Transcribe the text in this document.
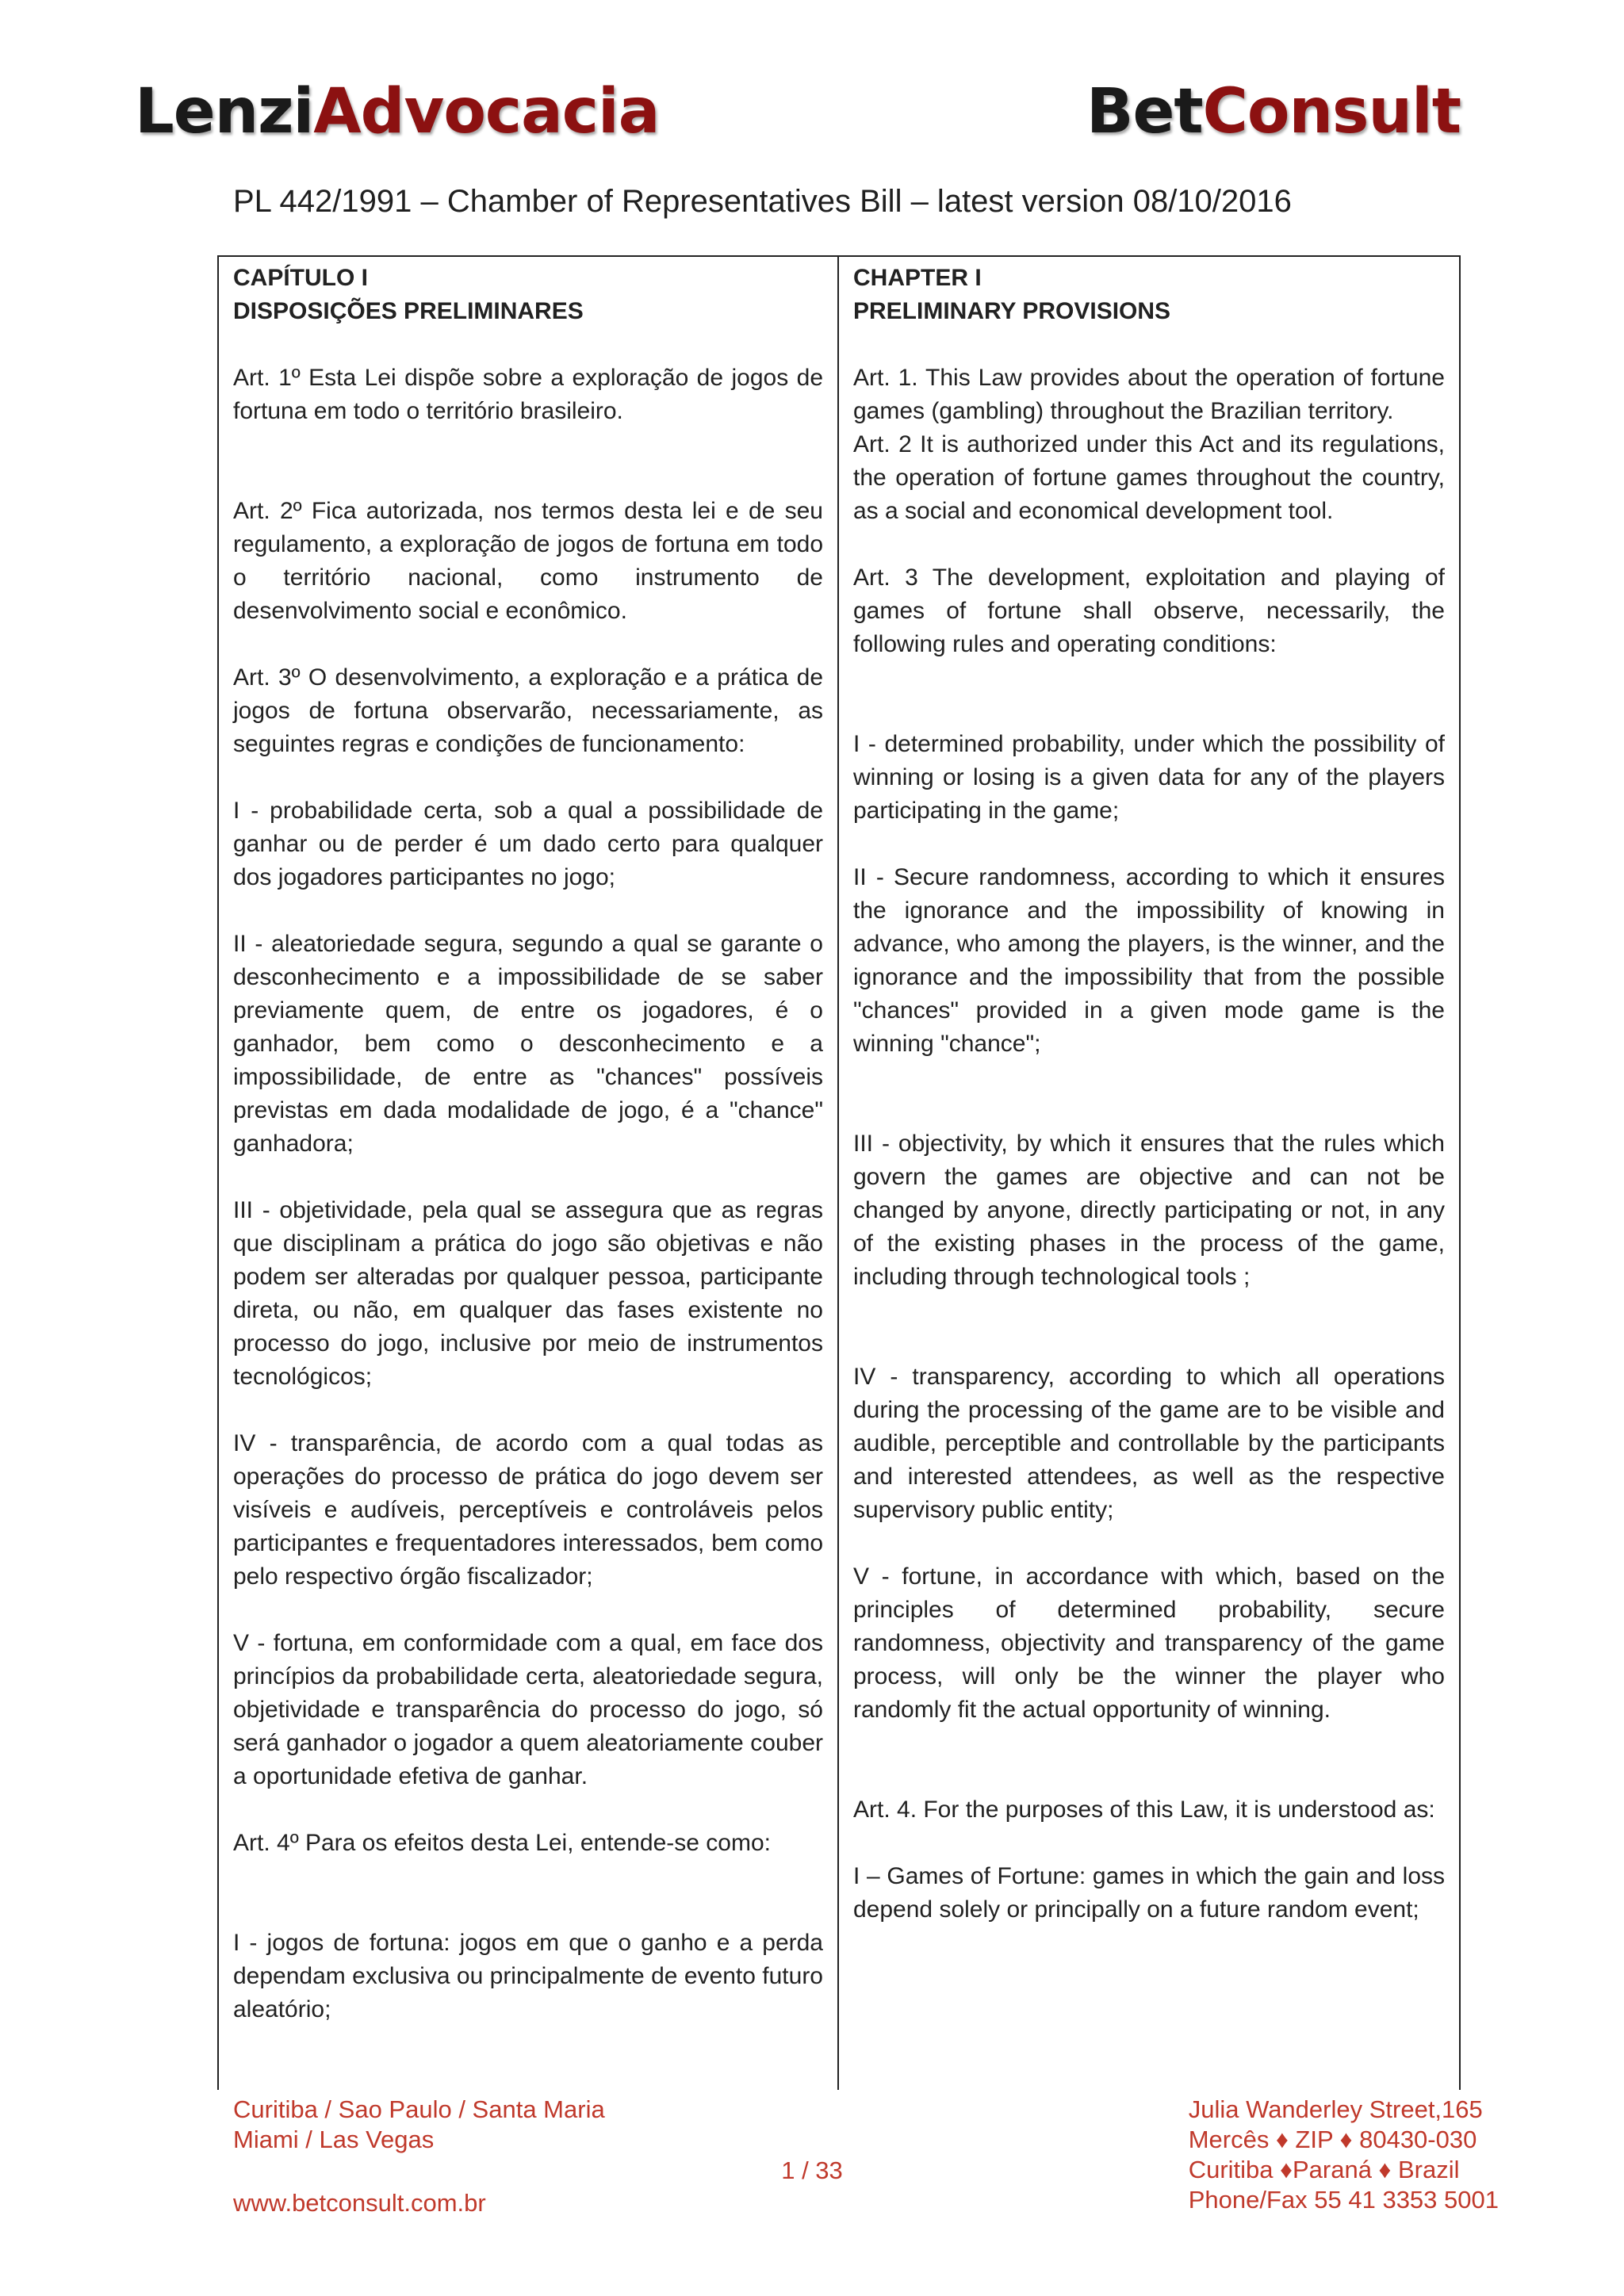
LenziAdvocacia	BetConsult
PL 442/1991 – Chamber of Representatives Bill – latest version 08/10/2016

CAPÍTULO I

DISPOSIÇÕES PRELIMINARES

Art. 1º Esta Lei dispõe sobre a exploração de jogos de fortuna em todo o território brasileiro.

Art. 2º Fica autorizada, nos termos desta lei e de seu regulamento, a exploração de jogos de fortuna em todo o território nacional, como instrumento de desenvolvimento social e econômico.

Art. 3º O desenvolvimento, a exploração e a prática de jogos de fortuna observarão, necessariamente, as seguintes regras e condições de funcionamento:

I - probabilidade certa, sob a qual a possibilidade de ganhar ou de perder é um dado certo para qualquer dos jogadores participantes no jogo;

II - aleatoriedade segura, segundo a qual se garante o desconhecimento e a impossibilidade de se saber previamente quem, de entre os jogadores, é o ganhador, bem como o desconhecimento e a impossibilidade, de entre as "chances" possíveis previstas em dada modalidade de jogo, é a "chance" ganhadora;

III - objetividade, pela qual se assegura que as regras que disciplinam a prática do jogo são objetivas e não podem ser alteradas por qualquer pessoa, participante direta, ou não, em qualquer das fases existente no processo do jogo, inclusive por meio de instrumentos tecnológicos;

IV - transparência, de acordo com a qual todas as operações do processo de prática do jogo devem ser visíveis e audíveis, perceptíveis e controláveis pelos participantes e frequentadores interessados, bem como pelo respectivo órgão fiscalizador;

V - fortuna, em conformidade com a qual, em face dos princípios da probabilidade certa, aleatoriedade segura, objetividade e transparência do processo do jogo, só será ganhador o jogador a quem aleatoriamente couber a oportunidade efetiva de ganhar.

Art. 4º Para os efeitos desta Lei, entende-se como:

I - jogos de fortuna: jogos em que o ganho e a perda dependam exclusiva ou principalmente de evento futuro aleatório;

CHAPTER I

PRELIMINARY PROVISIONS

Art. 1. This Law provides about the operation of fortune games (gambling) throughout the Brazilian territory.

Art. 2 It is authorized under this Act and its regulations, the operation of fortune games throughout the country, as a social and economical development tool.

Art. 3 The development, exploitation and playing of games of fortune shall observe, necessarily, the following rules and operating conditions:

I - determined probability, under which the possibility of winning or losing is a given data for any of the players participating in the game;

II - Secure randomness, according to which it ensures the ignorance and the impossibility of knowing in advance, who among the players, is the winner, and the ignorance and the impossibility that from the possible "chances" provided in a given mode game is the winning "chance";

III - objectivity, by which it ensures that the rules which govern the games are objective and can not be changed by anyone, directly participating or not, in any of the existing phases in the process of the game, including through technological tools ;

IV - transparency, according to which all operations during the processing of the game are to be visible and audible, perceptible and controllable by the participants and interested attendees, as well as the respective supervisory public entity;

V - fortune, in accordance with which, based on the principles of determined probability, secure randomness, objectivity and transparency of the game process, will only be the winner the player who randomly fit the actual opportunity of winning.

Art. 4. For the purposes of this Law, it is understood as:

I – Games of Fortune: games in which the gain and loss depend solely or principally on a future random event;

Curitiba / Sao Paulo / Santa Maria
Miami / Las Vegas
www.betconsult.com.br
1 / 33
Julia Wanderley Street,165
Mercês ♦ ZIP ♦ 80430-030
Curitiba ♦Paraná ♦ Brazil
Phone/Fax 55 41 3353 5001
